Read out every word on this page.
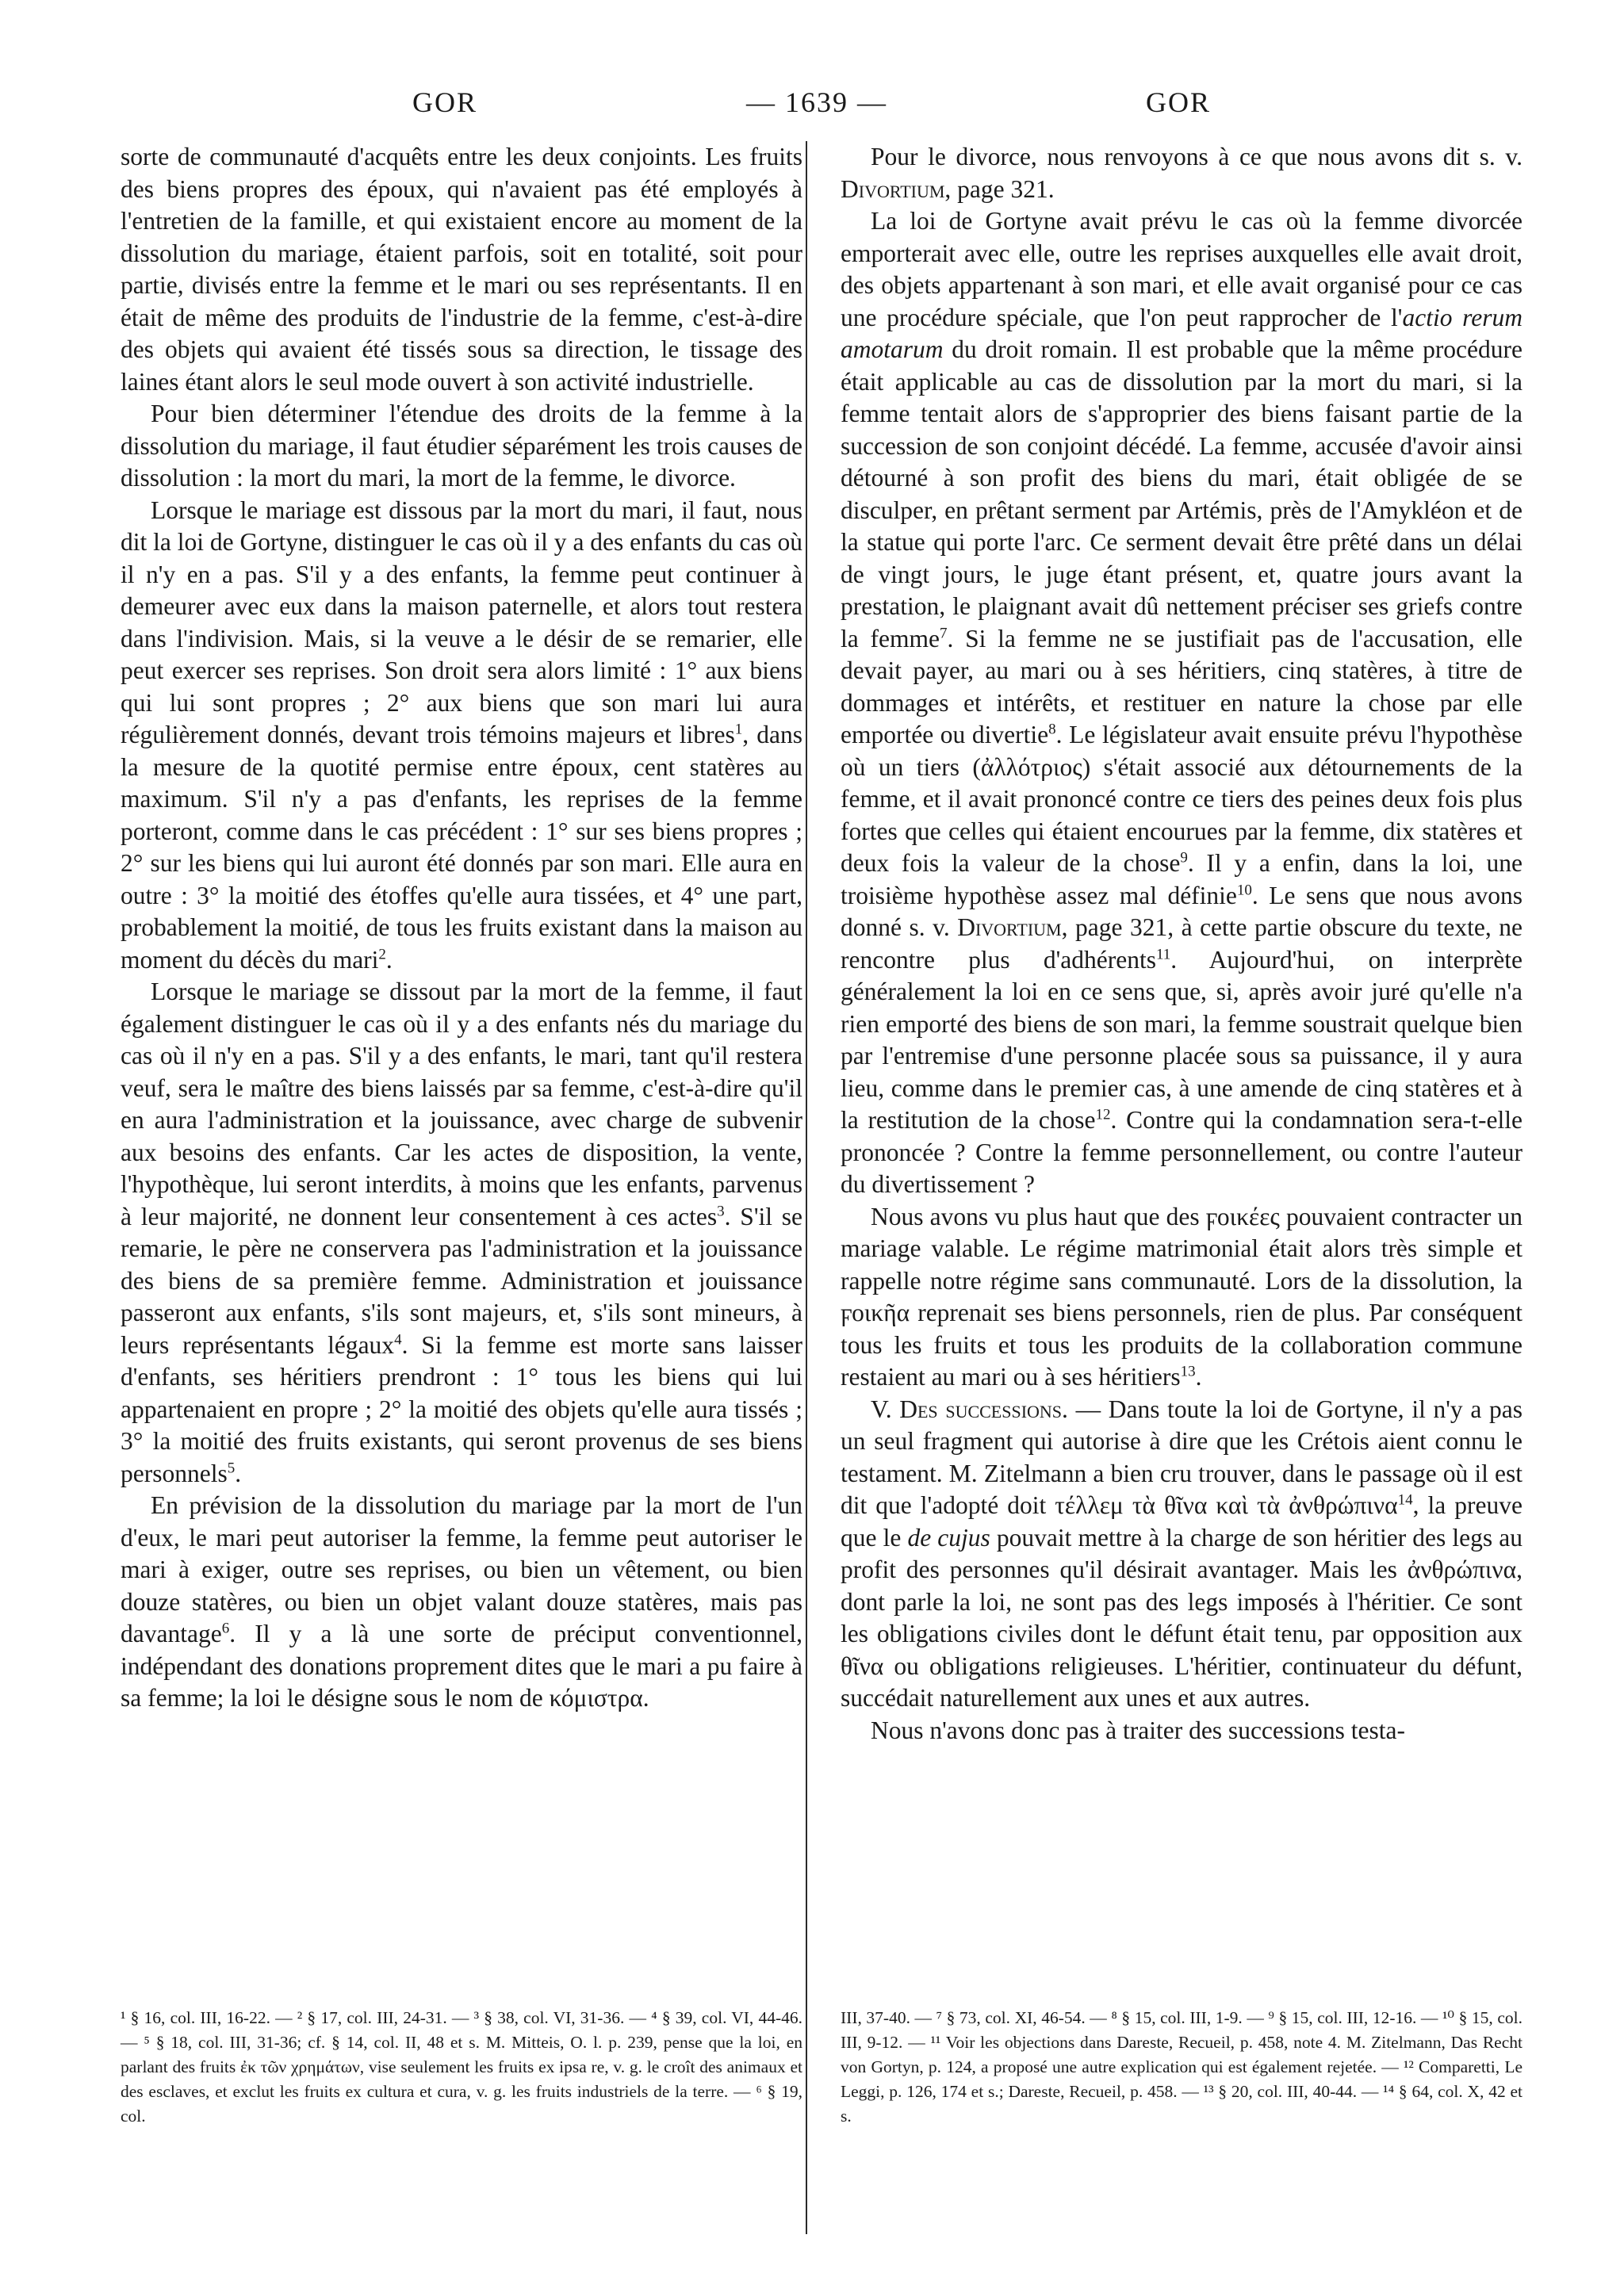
GOR	— 1639 —	GOR

sorte de communauté d'acquêts entre les deux conjoints. Les fruits des biens propres des époux, qui n'avaient pas été employés à l'entretien de la famille, et qui existaient encore au moment de la dissolution du mariage, étaient parfois, soit en totalité, soit pour partie, divisés entre la femme et le mari ou ses représentants. Il en était de même des produits de l'industrie de la femme, c'est-à-dire des objets qui avaient été tissés sous sa direction, le tissage des laines étant alors le seul mode ouvert à son activité industrielle.

Pour bien déterminer l'étendue des droits de la femme à la dissolution du mariage, il faut étudier séparément les trois causes de dissolution : la mort du mari, la mort de la femme, le divorce.

Lorsque le mariage est dissous par la mort du mari, il faut, nous dit la loi de Gortyne, distinguer le cas où il y a des enfants du cas où il n'y en a pas. S'il y a des enfants, la femme peut continuer à demeurer avec eux dans la maison paternelle, et alors tout restera dans l'indivision. Mais, si la veuve a le désir de se remarier, elle peut exercer ses reprises. Son droit sera alors limité : 1° aux biens qui lui sont propres ; 2° aux biens que son mari lui aura régulièrement donnés, devant trois témoins majeurs et libres$^1$, dans la mesure de la quotité permise entre époux, cent statères au maximum. S'il n'y a pas d'enfants, les reprises de la femme porteront, comme dans le cas précédent : 1° sur ses biens propres ; 2° sur les biens qui lui auront été donnés par son mari. Elle aura en outre : 3° la moitié des étoffes qu'elle aura tissées, et 4° une part, probablement la moitié, de tous les fruits existant dans la maison au moment du décès du mari$^2$.

Lorsque le mariage se dissout par la mort de la femme, il faut également distinguer le cas où il y a des enfants nés du mariage du cas où il n'y en a pas. S'il y a des enfants, le mari, tant qu'il restera veuf, sera le maître des biens laissés par sa femme, c'est-à-dire qu'il en aura l'administration et la jouissance, avec charge de subvenir aux besoins des enfants. Car les actes de disposition, la vente, l'hypothèque, lui seront interdits, à moins que les enfants, parvenus à leur majorité, ne donnent leur consentement à ces actes$^3$. S'il se remarie, le père ne conservera pas l'administration et la jouissance des biens de sa première femme. Administration et jouissance passeront aux enfants, s'ils sont majeurs, et, s'ils sont mineurs, à leurs représentants légaux$^4$. Si la femme est morte sans laisser d'enfants, ses héritiers prendront : 1° tous les biens qui lui appartenaient en propre ; 2° la moitié des objets qu'elle aura tissés ; 3° la moitié des fruits existants, qui seront provenus de ses biens personnels$^5$.

En prévision de la dissolution du mariage par la mort de l'un d'eux, le mari peut autoriser la femme, la femme peut autoriser le mari à exiger, outre ses reprises, ou bien un vêtement, ou bien douze statères, ou bien un objet valant douze statères, mais pas davantage$^6$. Il y a là une sorte de préciput conventionnel, indépendant des donations proprement dites que le mari a pu faire à sa femme; la loi le désigne sous le nom de κόμιστρα.

Pour le divorce, nous renvoyons à ce que nous avons dit s. v. Divortium, page 321.

La loi de Gortyne avait prévu le cas où la femme divorcée emporterait avec elle, outre les reprises auxquelles elle avait droit, des objets appartenant à son mari, et elle avait organisé pour ce cas une procédure spéciale, que l'on peut rapprocher de l'actio rerum amotarum du droit romain. Il est probable que la même procédure était applicable au cas de dissolution par la mort du mari, si la femme tentait alors de s'approprier des biens faisant partie de la succession de son conjoint décédé. La femme, accusée d'avoir ainsi détourné à son profit des biens du mari, était obligée de se disculper, en prêtant serment par Artémis, près de l'Amykléon et de la statue qui porte l'arc. Ce serment devait être prêté dans un délai de vingt jours, le juge étant présent, et, quatre jours avant la prestation, le plaignant avait dû nettement préciser ses griefs contre la femme$^7$. Si la femme ne se justifiait pas de l'accusation, elle devait payer, au mari ou à ses héritiers, cinq statères, à titre de dommages et intérêts, et restituer en nature la chose par elle emportée ou divertie$^8$. Le législateur avait ensuite prévu l'hypothèse où un tiers (ἀλλότριος) s'était associé aux détournements de la femme, et il avait prononcé contre ce tiers des peines deux fois plus fortes que celles qui étaient encourues par la femme, dix statères et deux fois la valeur de la chose$^9$. Il y a enfin, dans la loi, une troisième hypothèse assez mal définie$^{10}$. Le sens que nous avons donné s. v. Divortium, page 321, à cette partie obscure du texte, ne rencontre plus d'adhérents$^{11}$. Aujourd'hui, on interprète généralement la loi en ce sens que, si, après avoir juré qu'elle n'a rien emporté des biens de son mari, la femme soustrait quelque bien par l'entremise d'une personne placée sous sa puissance, il y aura lieu, comme dans le premier cas, à une amende de cinq statères et à la restitution de la chose$^{12}$. Contre qui la condamnation sera-t-elle prononcée ? Contre la femme personnellement, ou contre l'auteur du divertissement ?

Nous avons vu plus haut que des ϝοικέες pouvaient contracter un mariage valable. Le régime matrimonial était alors très simple et rappelle notre régime sans communauté. Lors de la dissolution, la ϝοικῆα reprenait ses biens personnels, rien de plus. Par conséquent tous les fruits et tous les produits de la collaboration commune restaient au mari ou à ses héritiers$^{13}$.

V. Des successions. — Dans toute la loi de Gortyne, il n'y a pas un seul fragment qui autorise à dire que les Crétois aient connu le testament. M. Zitelmann a bien cru trouver, dans le passage où il est dit que l'adopté doit τέλλεμ τὰ θῖνα καὶ τὰ ἀνθρώπινα$^{14}$, la preuve que le de cujus pouvait mettre à la charge de son héritier des legs au profit des personnes qu'il désirait avantager. Mais les ἀνθρώπινα, dont parle la loi, ne sont pas des legs imposés à l'héritier. Ce sont les obligations civiles dont le défunt était tenu, par opposition aux θῖνα ou obligations religieuses. L'héritier, continuateur du défunt, succédait naturellement aux unes et aux autres.

Nous n'avons donc pas à traiter des successions testa-

¹ § 16, col. III, 16-22. — ² § 17, col. III, 24-31. — ³ § 38, col. VI, 31-36. — ⁴ § 39, col. VI, 44-46. — ⁵ § 18, col. III, 31-36; cf. § 14, col. II, 48 et s. M. Mitteis, O. l. p. 239, pense que la loi, en parlant des fruits ἐκ τῶν χρημάτων, vise seulement les fruits ex ipsa re, v. g. le croît des animaux et des esclaves, et exclut les fruits ex cultura et cura, v. g. les fruits industriels de la terre. — ⁶ § 19, col.

III, 37-40. — ⁷ § 73, col. XI, 46-54. — ⁸ § 15, col. III, 1-9. — ⁹ § 15, col. III, 12-16. — ¹⁰ § 15, col. III, 9-12. — ¹¹ Voir les objections dans Dareste, Recueil, p. 458, note 4. M. Zitelmann, Das Recht von Gortyn, p. 124, a proposé une autre explication qui est également rejetée. — ¹² Comparetti, Le Leggi, p. 126, 174 et s.; Dareste, Recueil, p. 458. — ¹³ § 20, col. III, 40-44. — ¹⁴ § 64, col. X, 42 et s.
